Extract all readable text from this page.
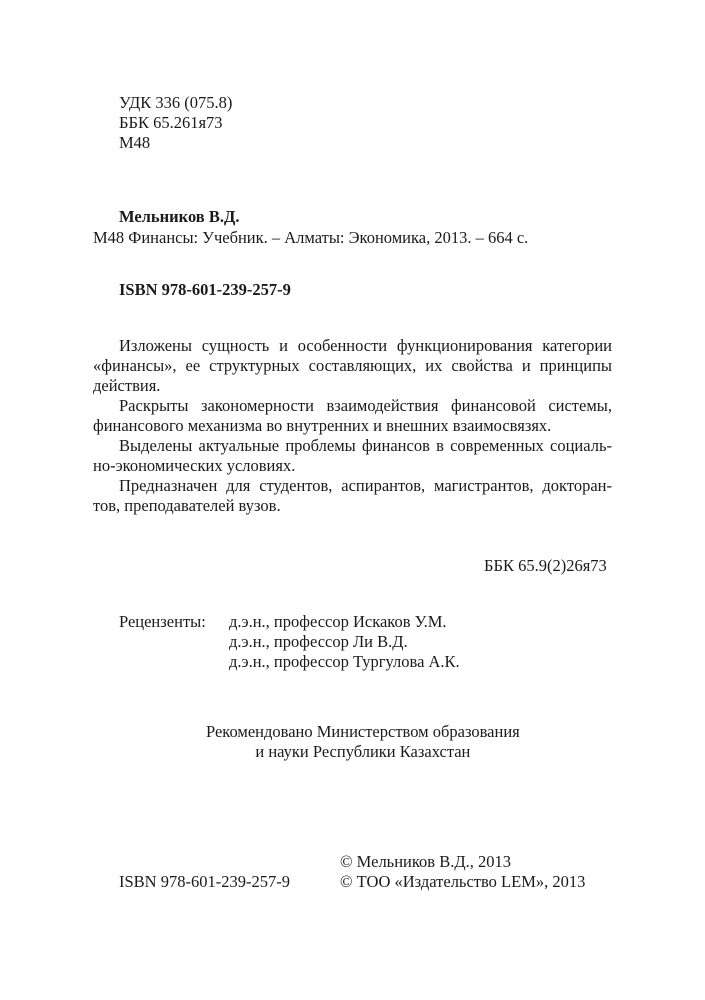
УДК 336 (075.8)
ББК 65.261я73
М48
Мельников В.Д.
М48 Финансы: Учебник. – Алматы: Экономика, 2013. – 664 с.
ISBN 978-601-239-257-9
Изложены сущность и особенности функционирования категории
«финансы», ее структурных составляющих, их свойства и принципы
действия.
Раскрыты закономерности взаимодействия финансовой системы,
финансового механизма во внутренних и внешних взаимосвязях.
Выделены актуальные проблемы финансов в современных социаль-
но-экономических условиях.
Предназначен для студентов, аспирантов, магистрантов, докторан-
тов, преподавателей вузов.
ББК 65.9(2)26я73
Рецензенты: д.э.н., профессор Искаков У.М.
д.э.н., профессор Ли В.Д.
д.э.н., профессор Тургулова А.К.
Рекомендовано Министерством образования
и науки Республики Казахстан
© Мельников В.Д., 2013
© ТОО «Издательство LEM», 2013
ISBN 978-601-239-257-9
